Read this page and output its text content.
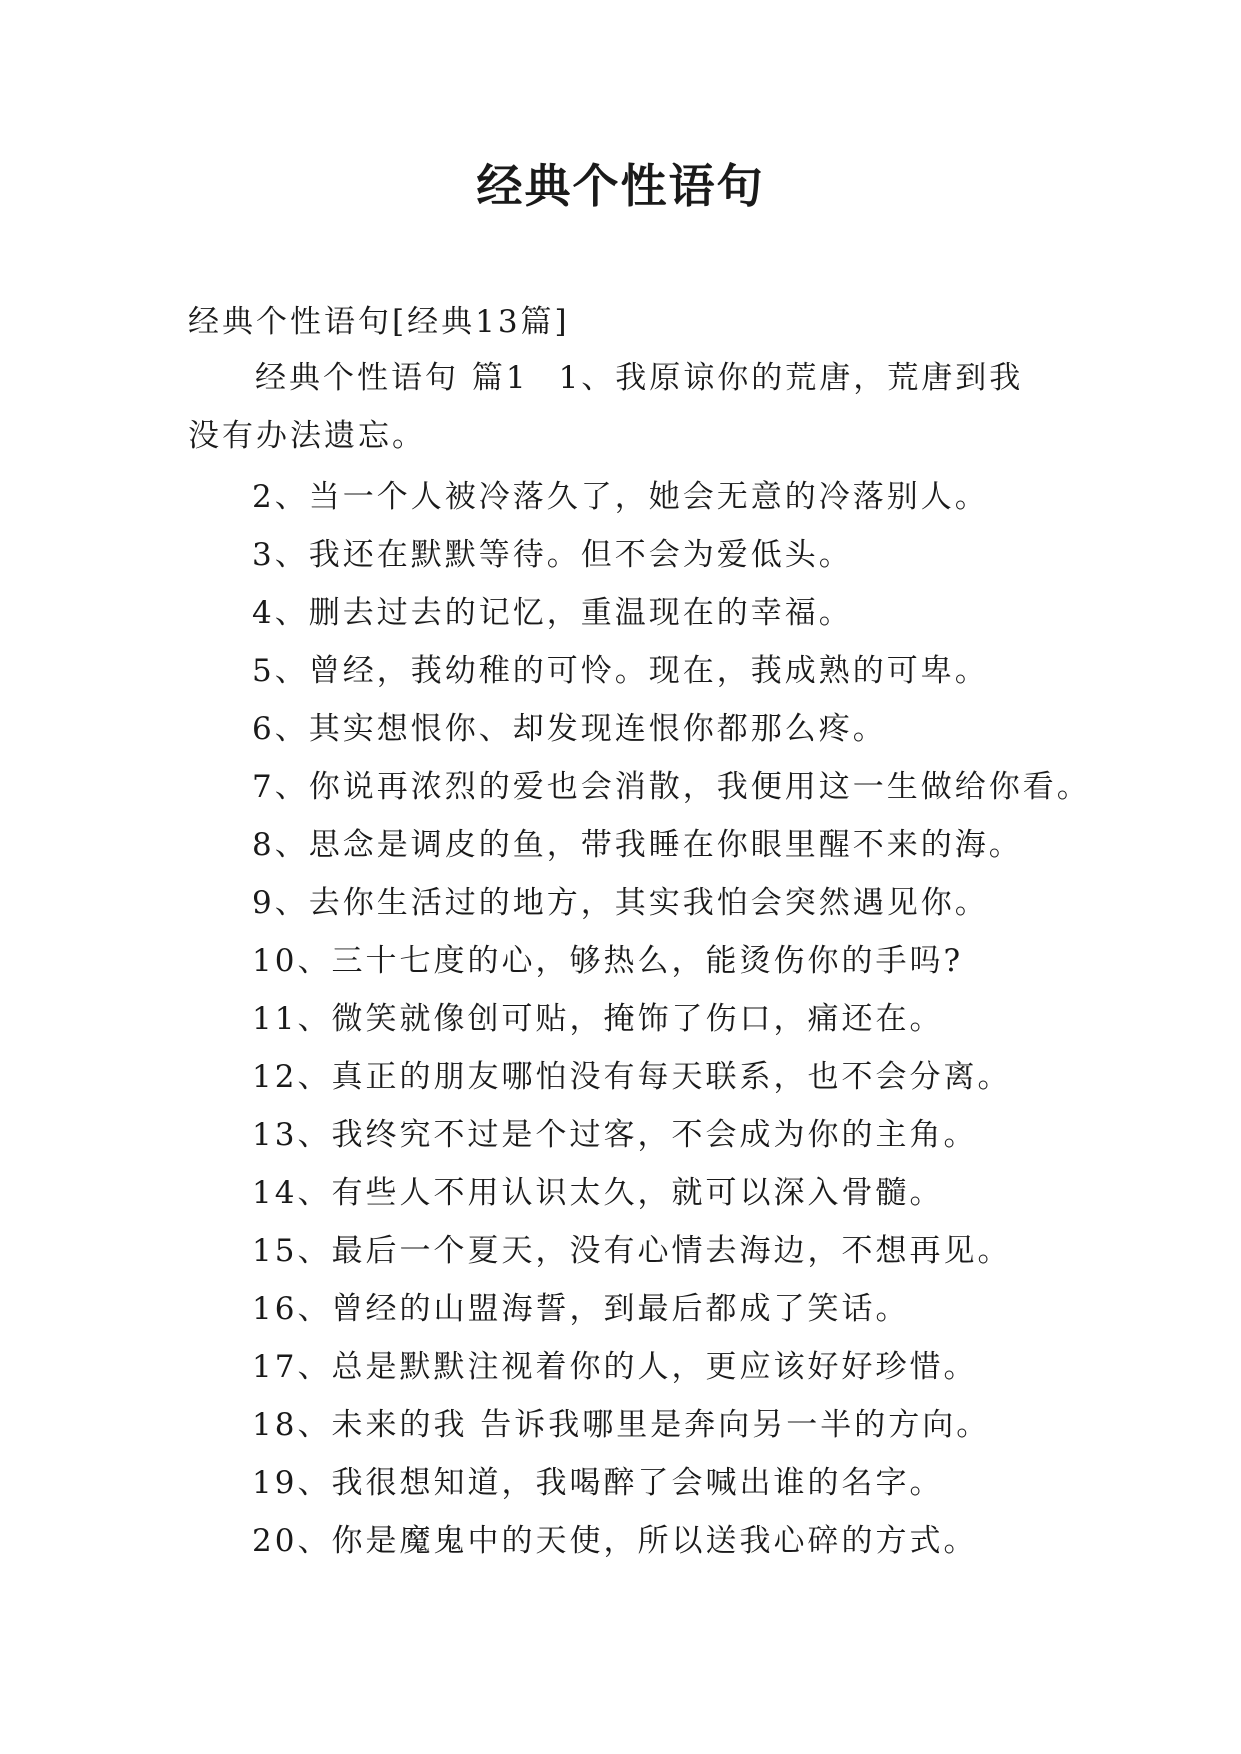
经典个性语句

经典个性语句[经典13篇]

经典个性语句 篇1 1、我原谅你的荒唐，荒唐到我

没有办法遗忘。

2、当一个人被冷落久了，她会无意的冷落别人。
3、我还在默默等待。但不会为爱低头。
4、删去过去的记忆，重温现在的幸福。
5、曾经，莪幼稚的可怜。现在，莪成熟的可卑。
6、其实想恨你、却发现连恨你都那么疼。
7、你说再浓烈的爱也会消散，我便用这一生做给你看。
8、思念是调皮的鱼，带我睡在你眼里醒不来的海。
9、去你生活过的地方，其实我怕会突然遇见你。
10、三十七度的心，够热么，能烫伤你的手吗?
11、微笑就像创可贴，掩饰了伤口，痛还在。
12、真正的朋友哪怕没有每天联系，也不会分离。
13、我终究不过是个过客，不会成为你的主角。
14、有些人不用认识太久，就可以深入骨髓。
15、最后一个夏天，没有心情去海边，不想再见。
16、曾经的山盟海誓，到最后都成了笑话。
17、总是默默注视着你的人，更应该好好珍惜。
18、未来的我 告诉我哪里是奔向另一半的方向。
19、我很想知道，我喝醉了会喊出谁的名字。
20、你是魔鬼中的天使，所以送我心碎的方式。
